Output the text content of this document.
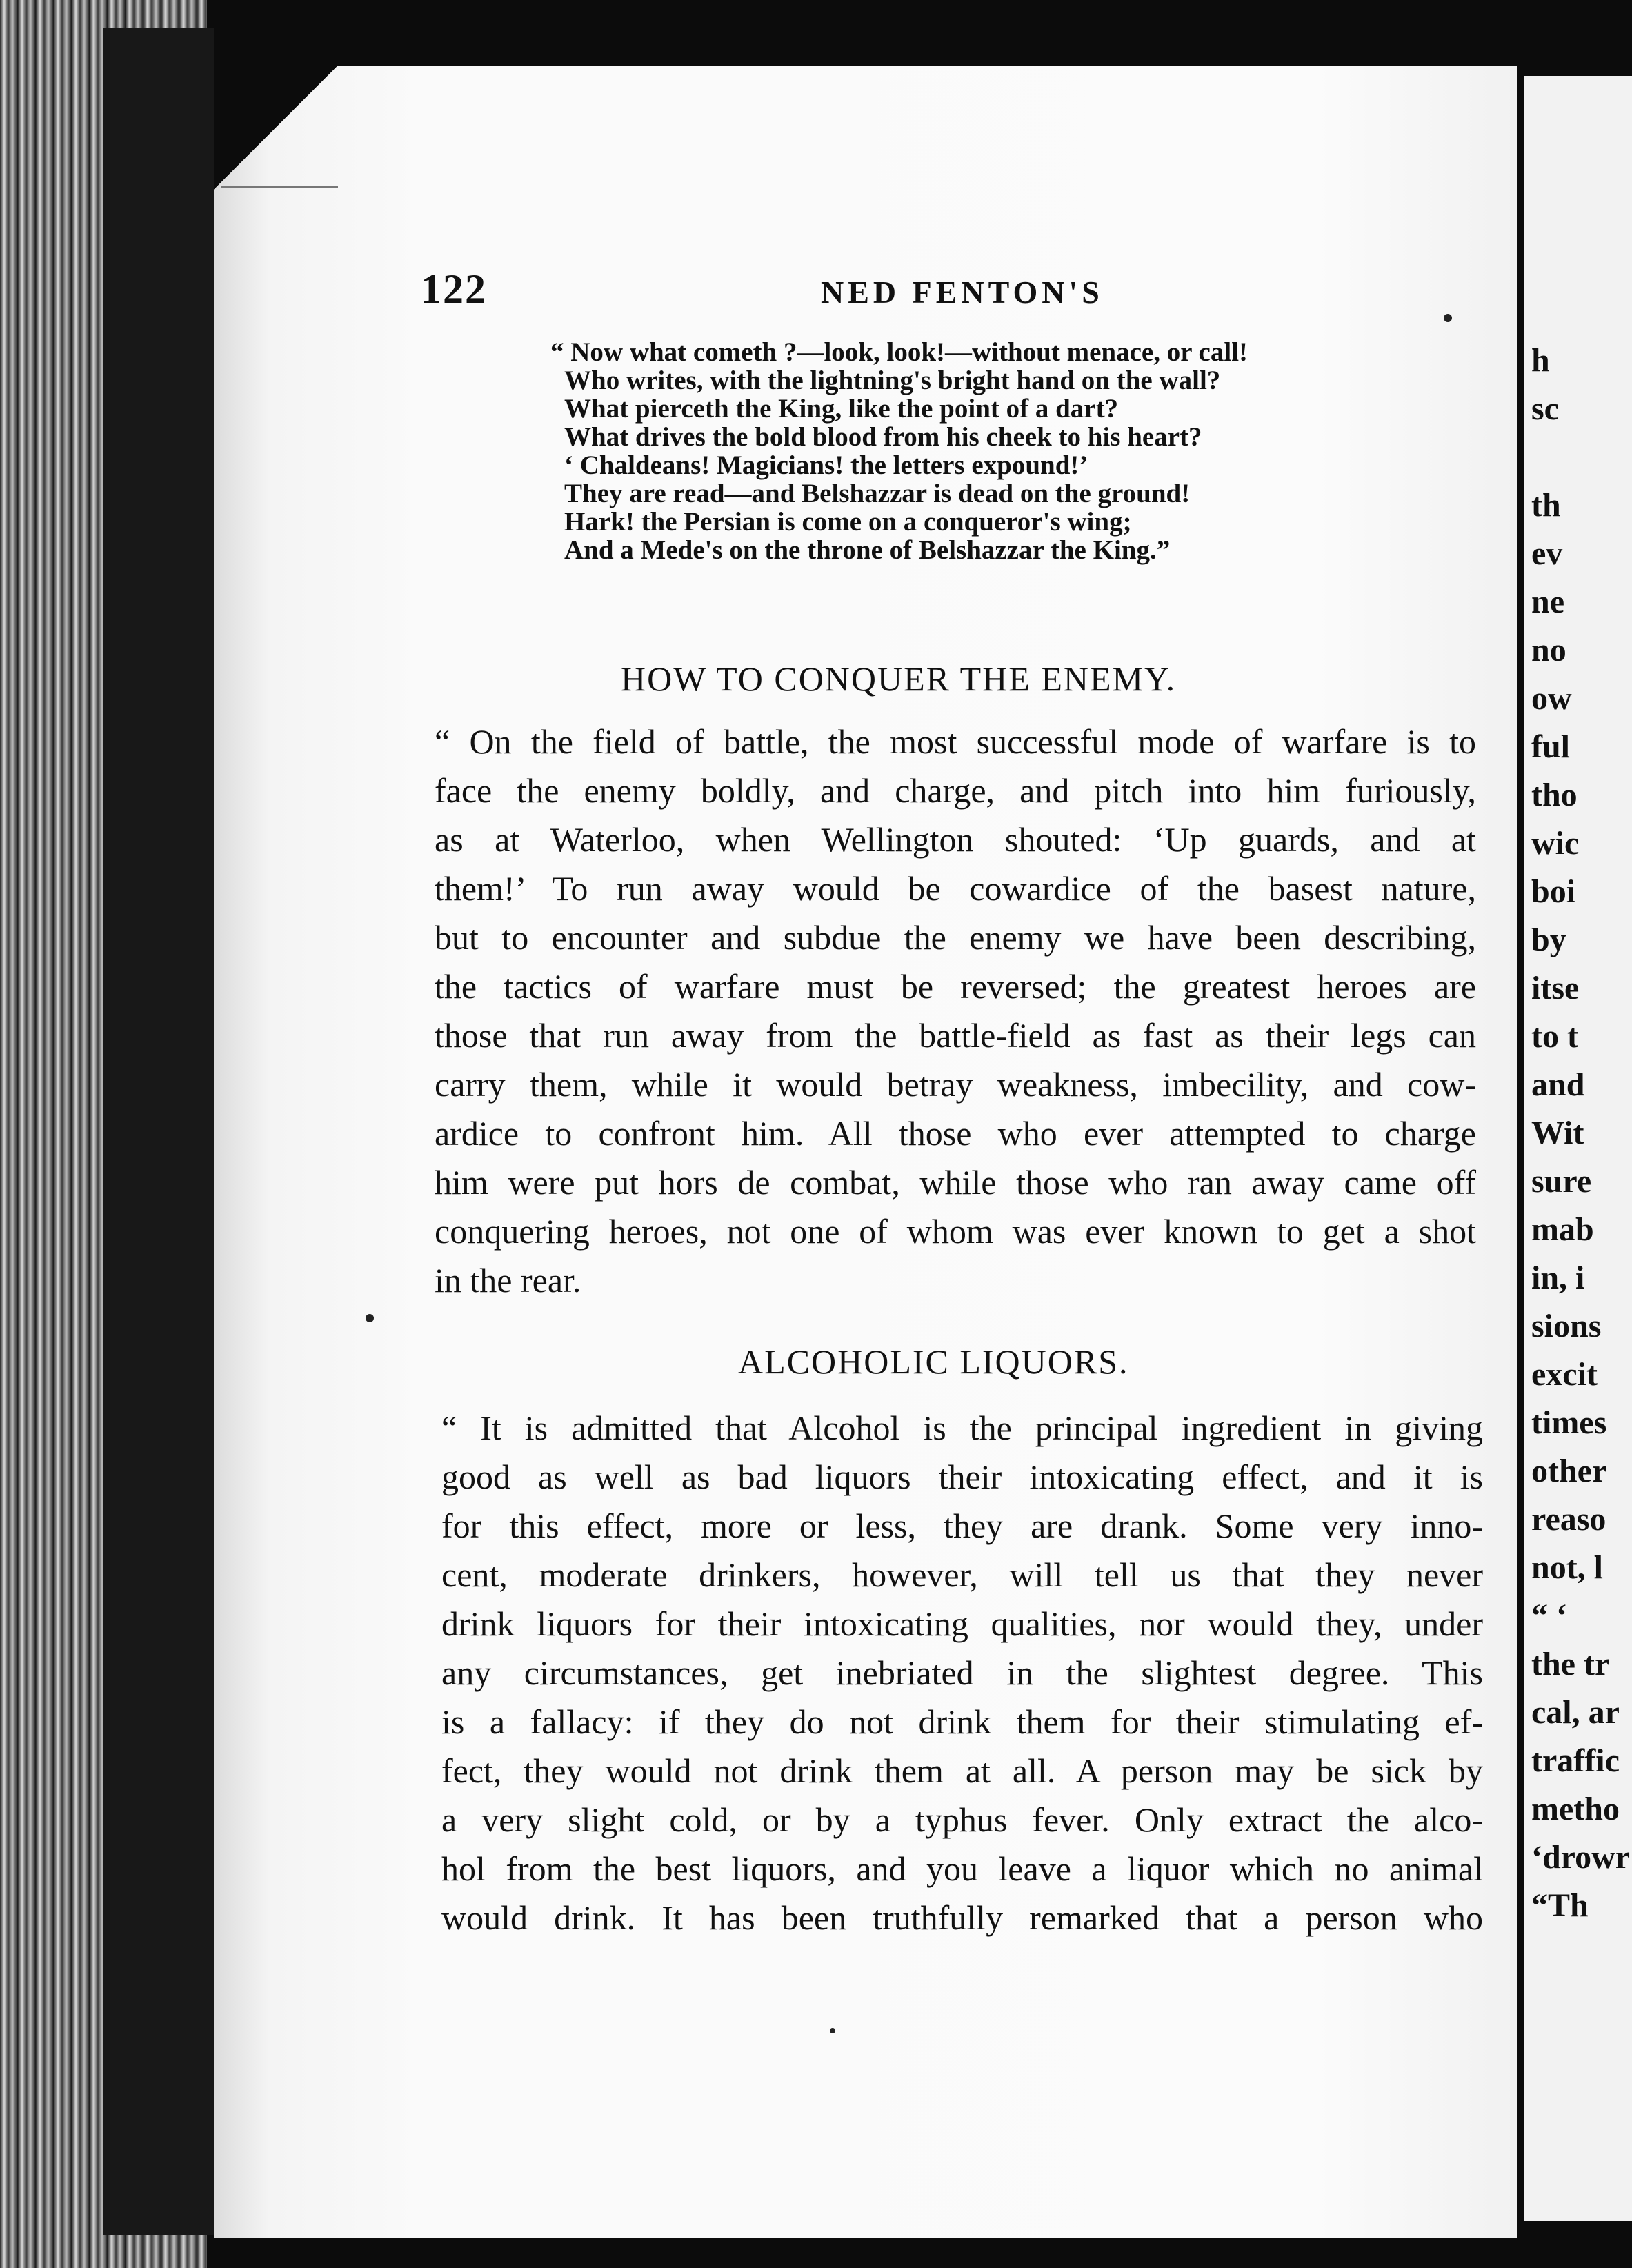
h
sc
th
ev
ne
no
ow
ful
tho
wic
boi
by
itse
to t
and
Wit
sure
mab
in, i
sions
excit
times
other
reaso
not, l
“ ‘
the tr
cal, ar
traffic
metho
‘drowr
“Th
122	NED FENTON'S
“ Now what cometh ?—look, look!—without menace, or call!
Who writes, with the lightning's bright hand on the wall?
What pierceth the King, like the point of a dart?
What drives the bold blood from his cheek to his heart?
‘ Chaldeans! Magicians! the letters expound!’
They are read—and Belshazzar is dead on the ground!
Hark! the Persian is come on a conqueror's wing;
And a Mede's on the throne of Belshazzar the King.”
HOW TO CONQUER THE ENEMY.
“ On the field of battle, the most successful mode of warfare is to
face the enemy boldly, and charge, and pitch into him furiously,
as at Waterloo, when Wellington shouted: ‘Up guards, and at
them!’ To run away would be cowardice of the basest nature,
but to encounter and subdue the enemy we have been describing,
the tactics of warfare must be reversed; the greatest heroes are
those that run away from the battle-field as fast as their legs can
carry them, while it would betray weakness, imbecility, and cow-
ardice to confront him. All those who ever attempted to charge
him were put hors de combat, while those who ran away came off
conquering heroes, not one of whom was ever known to get a shot
in the rear.
ALCOHOLIC LIQUORS.
“ It is admitted that Alcohol is the principal ingredient in giving
good as well as bad liquors their intoxicating effect, and it is
for this effect, more or less, they are drank. Some very inno-
cent, moderate drinkers, however, will tell us that they never
drink liquors for their intoxicating qualities, nor would they, under
any circumstances, get inebriated in the slightest degree. This
is a fallacy: if they do not drink them for their stimulating ef-
fect, they would not drink them at all. A person may be sick by
a very slight cold, or by a typhus fever. Only extract the alco-
hol from the best liquors, and you leave a liquor which no animal
would drink. It has been truthfully remarked that a person who
